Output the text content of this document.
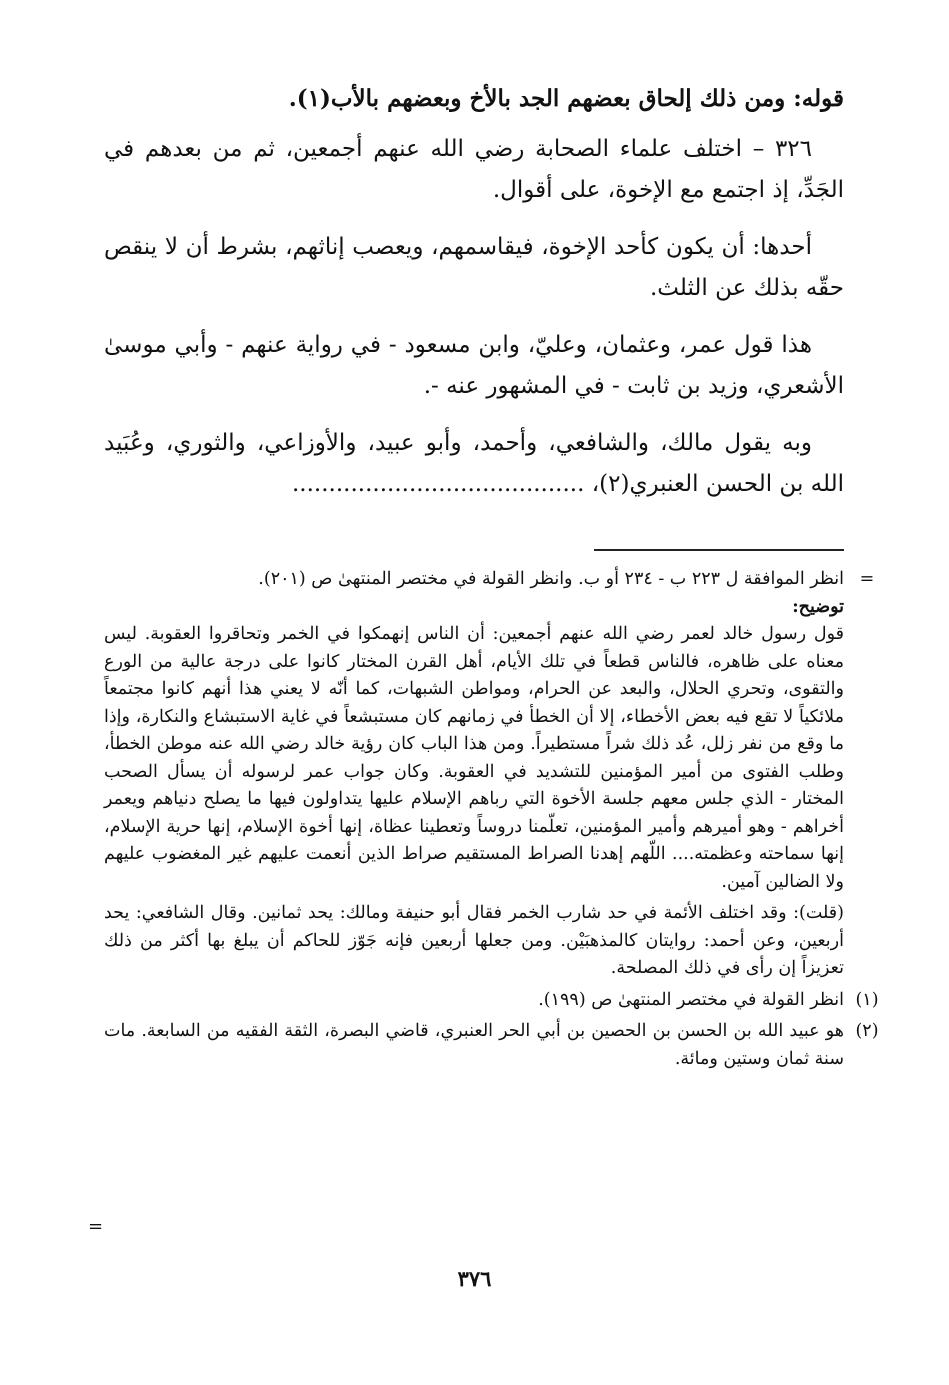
قوله: ومن ذلك إلحاق بعضهم الجد بالأخ وبعضهم بالأب(١).

٣٢٦ – اختلف علماء الصحابة رضي الله عنهم أجمعين، ثم من بعدهم في الجَدِّ، إذ اجتمع مع الإخوة، على أقوال.

أحدها: أن يكون كأحد الإخوة، فيقاسمهم، ويعصب إناثهم، بشرط أن لا ينقص حقّه بذلك عن الثلث.

هذا قول عمر، وعثمان، وعليّ، وابن مسعود - في رواية عنهم - وأبي موسىٰ الأشعري، وزيد بن ثابت - في المشهور عنه -.

وبه يقول مالك، والشافعي، وأحمد، وأبو عبيد، والأوزاعي، والثوري، وعُبَيد الله بن الحسن العنبري(٢)، ........................................

=

انظر الموافقة ل ٢٢٣ ب - ٢٣٤ أو ب. وانظر القولة في مختصر المنتهىٰ ص (٢٠١).

توضيح:

قول رسول خالد لعمر رضي الله عنهم أجمعين: أن الناس إنهمكوا في الخمر وتحاقروا العقوبة. ليس معناه على ظاهره، فالناس قطعاً في تلك الأيام، أهل القرن المختار كانوا على درجة عالية من الورع والتقوى، وتحري الحلال، والبعد عن الحرام، ومواطن الشبهات، كما أنّه لا يعني هذا أنهم كانوا مجتمعاً ملائكياً لا تقع فيه بعض الأخطاء، إلا أن الخطأ في زمانهم كان مستبشعاً في غاية الاستبشاع والنكارة، وإذا ما وقع من نفر زلل، عُد ذلك شراً مستطيراً. ومن هذا الباب كان رؤية خالد رضي الله عنه موطن الخطأ، وطلب الفتوى من أمير المؤمنين للتشديد في العقوبة. وكان جواب عمر لرسوله أن يسأل الصحب المختار - الذي جلس معهم جلسة الأخوة التي رباهم الإسلام عليها يتداولون فيها ما يصلح دنياهم ويعمر أخراهم - وهو أميرهم وأمير المؤمنين، تعلّمنا دروساً وتعطينا عظاة، إنها أخوة الإسلام، إنها حرية الإسلام، إنها سماحته وعظمته.... اللّهم إهدنا الصراط المستقيم صراط الذين أنعمت عليهم غير المغضوب عليهم ولا الضالين آمين.

(قلت): وقد اختلف الأئمة في حد شارب الخمر فقال أبو حنيفة ومالك: يحد ثمانين. وقال الشافعي: يحد أربعين، وعن أحمد: روايتان كالمذهبَيْن. ومن جعلها أربعين فإنه جَوّز للحاكم أن يبلغ بها أكثر من ذلك تعزيزاً إن رأى في ذلك المصلحة.

(١)

انظر القولة في مختصر المنتهىٰ ص (١٩٩).

(٢)

هو عبيد الله بن الحسن بن الحصين بن أبي الحر العنبري، قاضي البصرة، الثقة الفقيه من السابعة. مات سنة ثمان وستين ومائة.

=
٣٧٦
